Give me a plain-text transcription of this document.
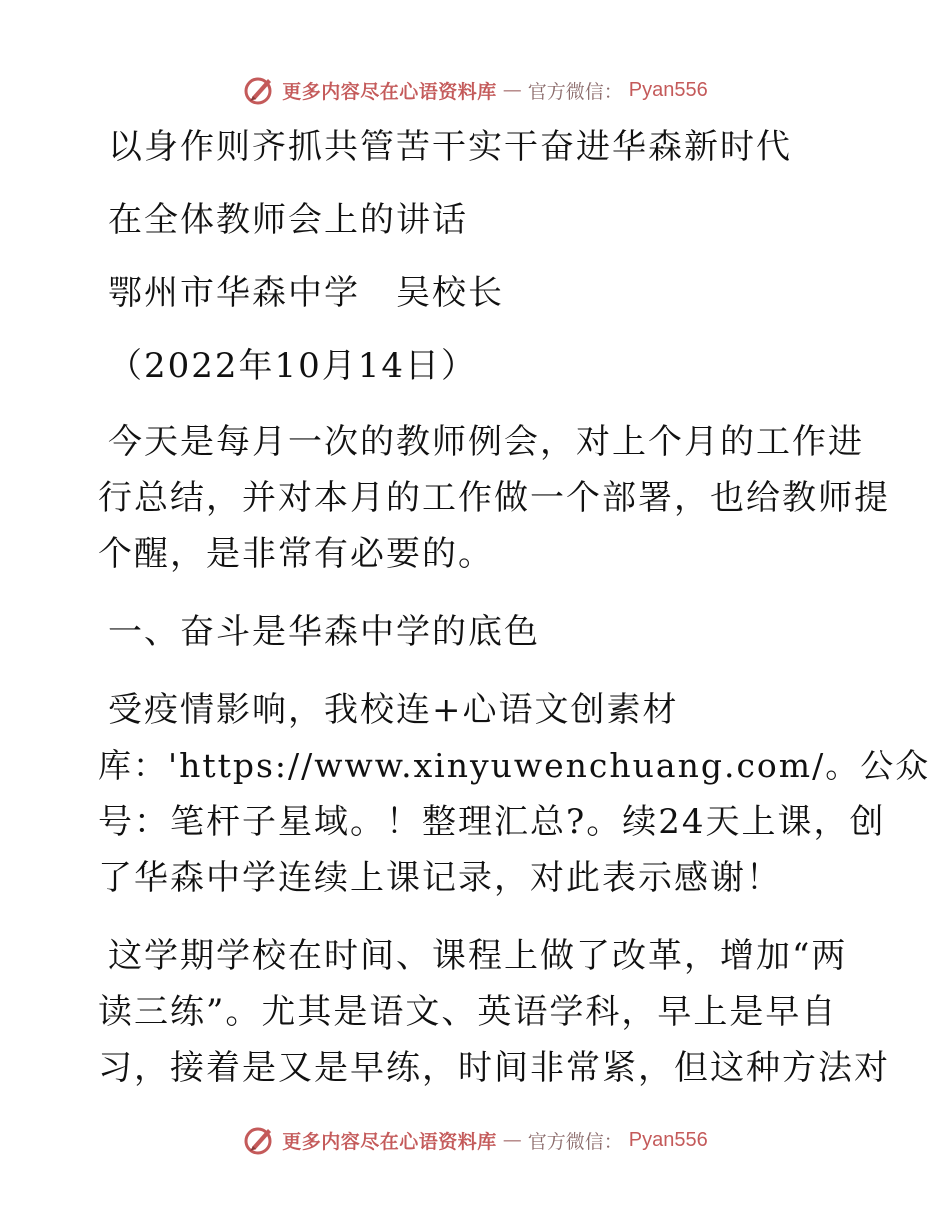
更多内容尽在心语资料库 — 官方微信： Pyan556
以身作则齐抓共管苦干实干奋进华森新时代
在全体教师会上的讲话
鄂州市华森中学　吴校长
（2022年10月14日）
今天是每月一次的教师例会，对上个月的工作进
行总结，并对本月的工作做一个部署，也给教师提
个醒，是非常有必要的。
一、奋斗是华森中学的底色
受疫情影响，我校连+心语文创素材
库：'https://www.xinyuwenchuang.com/。公众
号：笔杆子星域。！整理汇总?。续24天上课，创
了华森中学连续上课记录，对此表示感谢！
这学期学校在时间、课程上做了改革，增加“两
读三练”。尤其是语文、英语学科，早上是早自
习，接着是又是早练，时间非常紧，但这种方法对
更多内容尽在心语资料库 — 官方微信： Pyan556
